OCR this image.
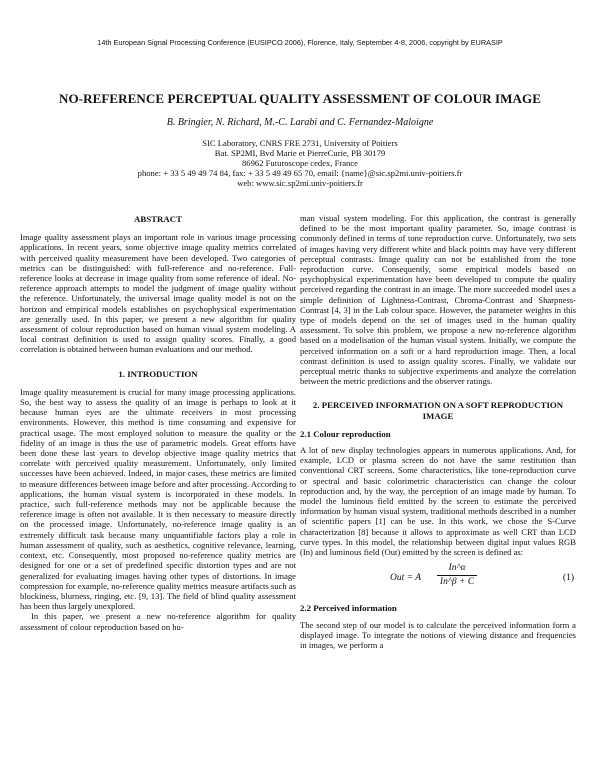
14th European Signal Processing Conference (EUSIPCO 2006), Florence, Italy, September 4-8, 2006, copyright by EURASIP
NO-REFERENCE PERCEPTUAL QUALITY ASSESSMENT OF COLOUR IMAGE
B. Bringier, N. Richard, M.-C. Larabi and C. Fernandez-Maloigne
SIC Laboratory, CNRS FRE 2731, University of Poitiers
Bat. SP2MI, Bvd Marie et PierreCurie, PB 30179
86962 Futuroscope cedex, France
phone: + 33 5 49 49 74 84, fax: + 33 5 49 49 65 70, email: {name}@sic.sp2mi.univ-poitiers.fr
web: www.sic.sp2mi.univ-poitiers.fr
ABSTRACT

Image quality assessment plays an important role in various image processing applications. In recent years, some objective image quality metrics correlated with perceived quality measurement have been developed. Two categories of metrics can be distinguished: with full-reference and no-reference. Full-reference looks at decrease in image quality from some reference of ideal. No-reference approach attempts to model the judgment of image quality without the reference. Unfortunately, the universal image quality model is not on the horizon and empirical models establishes on psychophysical experimentation are generally used. In this paper, we present a new algorithm for quality assessment of colour reproduction based on human visual system modeling. A local contrast definition is used to assign quality scores. Finally, a good correlation is obtained between human evaluations and our method.

1. INTRODUCTION

Image quality measurement is crucial for many image processing applications. So, the best way to assess the quality of an image is perhaps to look at it because human eyes are the ultimate receivers in most processing environments. However, this method is time consuming and expensive for practical usage. The most employed solution to measure the quality or the fidelity of an image is thus the use of parametric models. Great efforts have been done these last years to develop objective image quality metrics that correlate with perceived quality measurement. Unfortunately, only limited successes have been achieved. Indeed, in major cases, these metrics are limited to measure differences between image before and after processing. According to applications, the human visual system is incorporated in these models. In practice, such full-reference methods may not be applicable because the reference image is often not available. It is then necessary to measure directly on the processed image. Unfortunately, no-reference image quality is an extremely difficult task because many unquantifiable factors play a role in human assessment of quality, such as aesthetics, cognitive relevance, learning, context, etc. Consequently, most proposed no-reference quality metrics are designed for one or a set of predefined specific distortion types and are not generalized for evaluating images having other types of distortions. In image compression for example, no-reference quality metrics measure artifacts such as blockiness, blurness, ringing, etc. [9, 13]. The field of blind quality assessment has been thus largely unexplored.

In this paper, we present a new no-reference algorithm for quality assessment of colour reproduction based on hu-

man visual system modeling. For this application, the contrast is generally defined to be the most important quality parameter. So, image contrast is commonly defined in terms of tone reproduction curve. Unfortunately, two sets of images having very different white and black points may have very different perceptual contrasts. Image quality can not be established from the tone reproduction curve. Consequently, some empirical models based on psychophysical experimentation have been developed to compute the quality perceived regarding the contrast in an image. The more succeeded model uses a simple definition of Lightness-Contrast, Chroma-Contrast and Sharpness-Contrast [4, 3] in the Lab colour space. However, the parameter weights in this type of models depend on the set of images used in the human quality assessment. To solve this problem, we propose a new no-reference algorithm based on a modelisation of the human visual system. Initially, we compute the perceived information on a soft or a hard reproduction image. Then, a local contrast definition is used to assign quality scores. Finally, we validate our perceptual metric thanks to subjective experiments and analyze the correlation between the metric predictions and the observer ratings.

2. PERCEIVED INFORMATION ON A SOFT REPRODUCTION IMAGE
2.1 Colour reproduction

A lot of new display technologies appears in numerous applications. And, for example, LCD or plasma screen do not have the same restitution than conventional CRT screens. Some characteristics, like tone-reproduction curve or spectral and basic colorimetric characteristics can change the colour reproduction and, by the way, the perception of an image made by human. To model the luminous field emitted by the screen to estimate the perceived information by human visual system, traditional methods described in a number of scientific papers [1] can be use. In this work, we chose the S-Curve characterization [8] because it allows to approximate as well CRT than LCD curve types. In this model, the relationship between digital input values RGB (In) and luminous field (Out) emitted by the screen is defined as:

Out = A
In^α
In^β + C	(1)
2.2 Perceived information

The second step of our model is to calculate the perceived information form a displayed image. To integrate the notions of viewing distance and frequencies in images, we perform a
